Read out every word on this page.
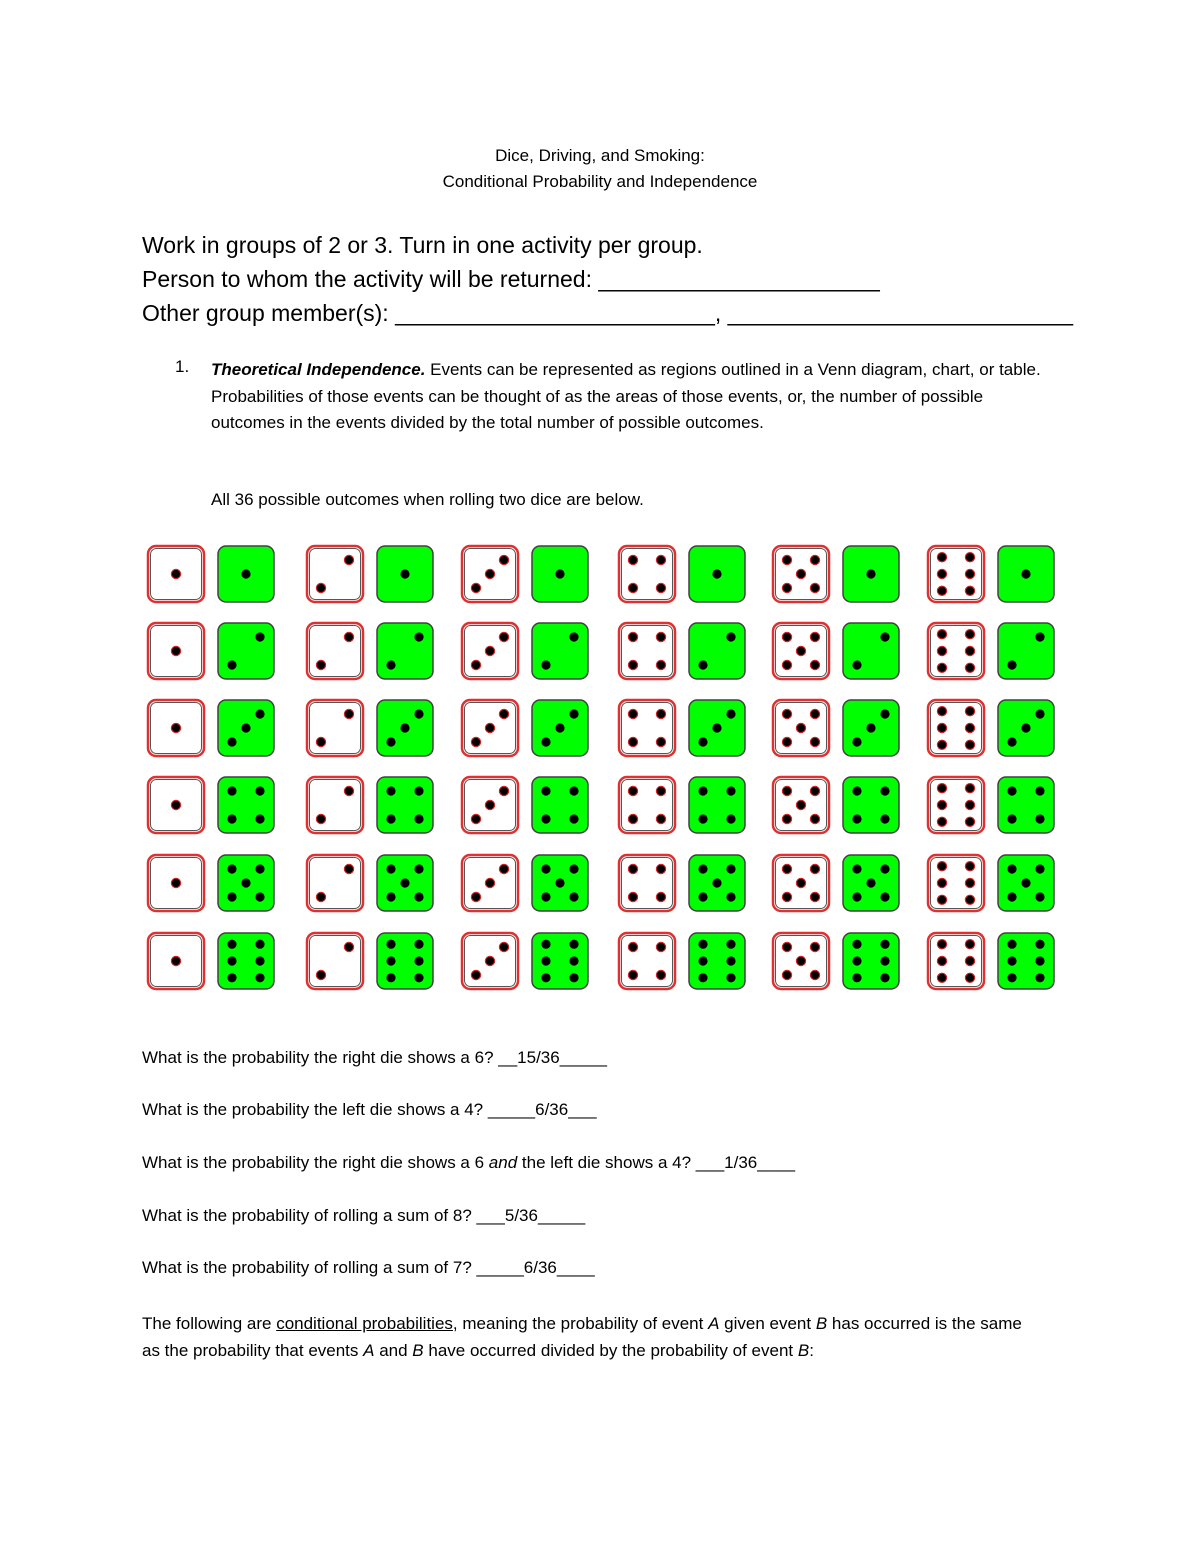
Dice, Driving, and Smoking:
Conditional Probability and Independence
Work in groups of 2 or 3. Turn in one activity per group.
Person to whom the activity will be returned: ______________________
Other group member(s): _________________________, ___________________________
1. Theoretical Independence. Events can be represented as regions outlined in a Venn diagram, chart, or table. Probabilities of those events can be thought of as the areas of those events, or, the number of possible outcomes in the events divided by the total number of possible outcomes.
All 36 possible outcomes when rolling two dice are below.
What is the probability the right die shows a 6? __15/36_____
What is the probability the left die shows a 4? _____6/36___
What is the probability the right die shows a 6 and the left die shows a 4? ___1/36____
What is the probability of rolling a sum of 8? ___5/36_____
What is the probability of rolling a sum of 7? _____6/36____
The following are conditional probabilities, meaning the probability of event A given event B has occurred is the same as the probability that events A and B have occurred divided by the probability of event B:
